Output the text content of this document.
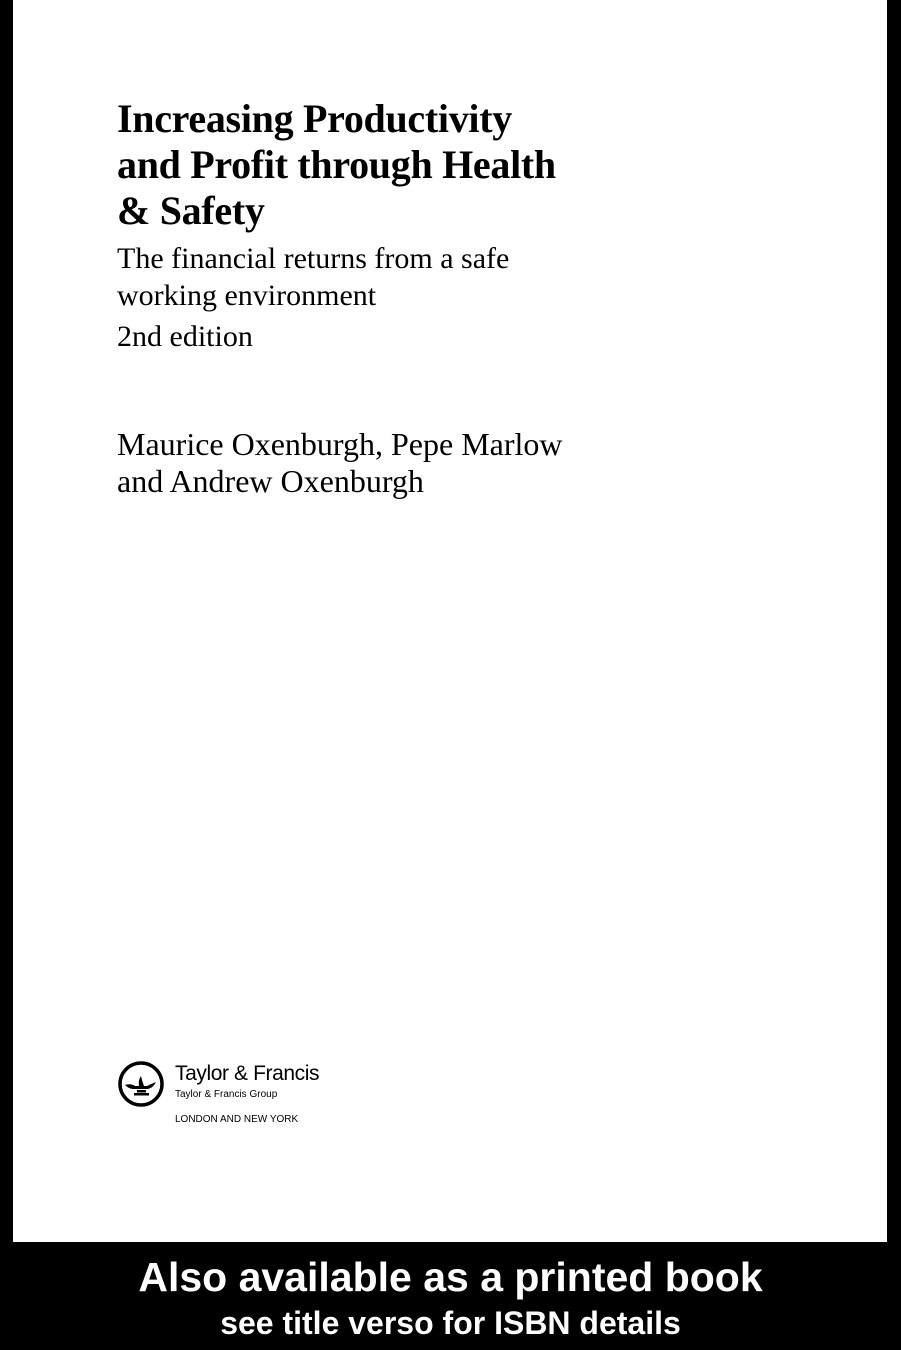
Increasing Productivity
and Profit through Health
& Safety
The financial returns from a safe
working environment

2nd edition

Maurice Oxenburgh, Pepe Marlow
and Andrew Oxenburgh

Taylor & Francis
Taylor & Francis Group
LONDON AND NEW YORK
Also available as a printed book
see title verso for ISBN details
